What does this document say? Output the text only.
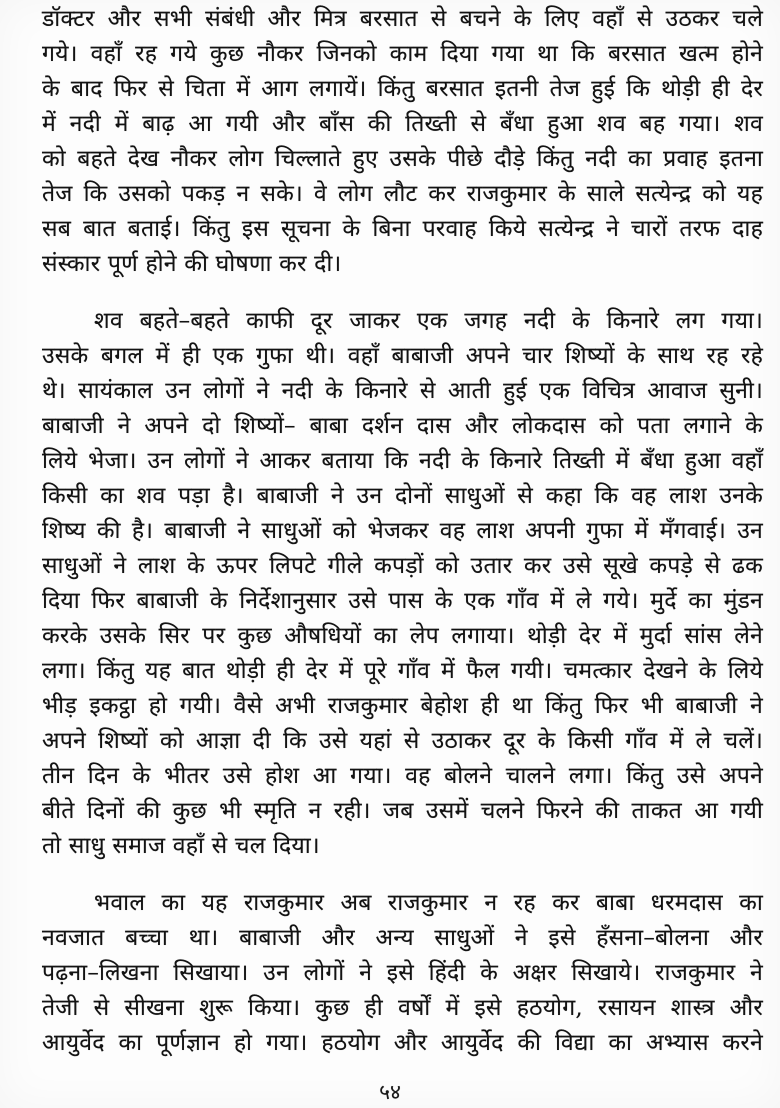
डॉक्टर और सभी संबंधी और मित्र बरसात से बचने के लिए वहाँ से उठकर चले
गये। वहाँ रह गये कुछ नौकर जिनको काम दिया गया था कि बरसात खत्म होने
के बाद फिर से चिता में आग लगायें। किंतु बरसात इतनी तेज हुई कि थोड़ी ही देर
में नदी में बाढ़ आ गयी और बाँस की तिख्ती से बँधा हुआ शव बह गया। शव
को बहते देख नौकर लोग चिल्लाते हुए उसके पीछे दौड़े किंतु नदी का प्रवाह इतना
तेज कि उसको पकड़ न सके। वे लोग लौट कर राजकुमार के साले सत्येन्द्र को यह
सब बात बताई। किंतु इस सूचना के बिना परवाह किये सत्येन्द्र ने चारों तरफ दाह
संस्कार पूर्ण होने की घोषणा कर दी।
शव बहते–बहते काफी दूर जाकर एक जगह नदी के किनारे लग गया।
उसके बगल में ही एक गुफा थी। वहाँ बाबाजी अपने चार शिष्यों के साथ रह रहे
थे। सायंकाल उन लोगों ने नदी के किनारे से आती हुई एक विचित्र आवाज सुनी।
बाबाजी ने अपने दो शिष्यों– बाबा दर्शन दास और लोकदास को पता लगाने के
लिये भेजा। उन लोगों ने आकर बताया कि नदी के किनारे तिख्ती में बँधा हुआ वहाँ
किसी का शव पड़ा है। बाबाजी ने उन दोनों साधुओं से कहा कि वह लाश उनके
शिष्य की है। बाबाजी ने साधुओं को भेजकर वह लाश अपनी गुफा में मँगवाई। उन
साधुओं ने लाश के ऊपर लिपटे गीले कपड़ों को उतार कर उसे सूखे कपड़े से ढक
दिया फिर बाबाजी के निर्देशानुसार उसे पास के एक गाँव में ले गये। मुर्दे का मुंडन
करके उसके सिर पर कुछ औषधियों का लेप लगाया। थोड़ी देर में मुर्दा सांस लेने
लगा। किंतु यह बात थोड़ी ही देर में पूरे गाँव में फैल गयी। चमत्कार देखने के लिये
भीड़ इकट्ठा हो गयी। वैसे अभी राजकुमार बेहोश ही था किंतु फिर भी बाबाजी ने
अपने शिष्यों को आज्ञा दी कि उसे यहां से उठाकर दूर के किसी गाँव में ले चलें।
तीन दिन के भीतर उसे होश आ गया। वह बोलने चालने लगा। किंतु उसे अपने
बीते दिनों की कुछ भी स्मृति न रही। जब उसमें चलने फिरने की ताकत आ गयी
तो साधु समाज वहाँ से चल दिया।
भवाल का यह राजकुमार अब राजकुमार न रह कर बाबा धरमदास का
नवजात बच्चा था। बाबाजी और अन्य साधुओं ने इसे हँसना–बोलना और
पढ़ना–लिखना सिखाया। उन लोगों ने इसे हिंदी के अक्षर सिखाये। राजकुमार ने
तेजी से सीखना शुरू किया। कुछ ही वर्षों में इसे हठयोग, रसायन शास्त्र और
आयुर्वेद का पूर्णज्ञान हो गया। हठयोग और आयुर्वेद की विद्या का अभ्यास करने
५४
